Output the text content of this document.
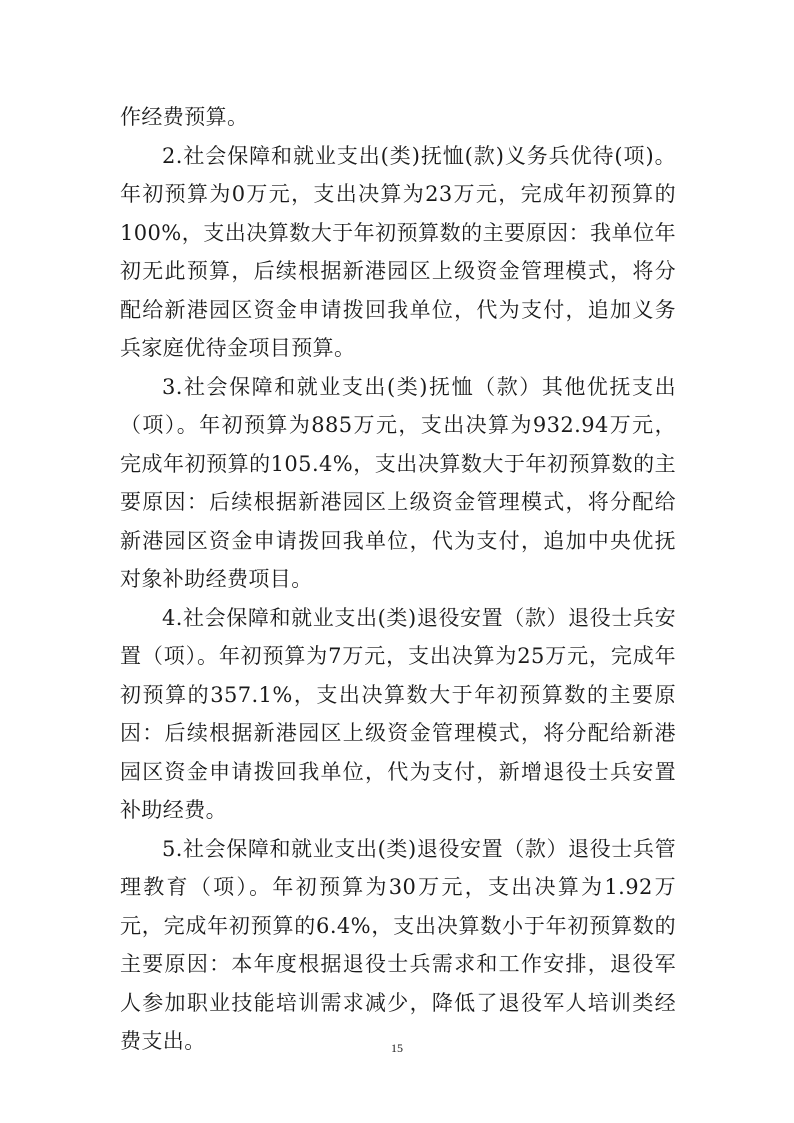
作经费预算。

2.社会保障和就业支出(类)抚恤(款)义务兵优待(项)。年初预算为0万元，支出决算为23万元，完成年初预算的100%，支出决算数大于年初预算数的主要原因：我单位年初无此预算，后续根据新港园区上级资金管理模式，将分配给新港园区资金申请拨回我单位，代为支付，追加义务兵家庭优待金项目预算。

3.社会保障和就业支出(类)抚恤（款）其他优抚支出（项）。年初预算为885万元，支出决算为932.94万元，完成年初预算的105.4%，支出决算数大于年初预算数的主要原因：后续根据新港园区上级资金管理模式，将分配给新港园区资金申请拨回我单位，代为支付，追加中央优抚对象补助经费项目。

4.社会保障和就业支出(类)退役安置（款）退役士兵安置（项）。年初预算为7万元，支出决算为25万元，完成年初预算的357.1%，支出决算数大于年初预算数的主要原因：后续根据新港园区上级资金管理模式，将分配给新港园区资金申请拨回我单位，代为支付，新增退役士兵安置补助经费。

5.社会保障和就业支出(类)退役安置（款）退役士兵管理教育（项）。年初预算为30万元，支出决算为1.92万元，完成年初预算的6.4%，支出决算数小于年初预算数的主要原因：本年度根据退役士兵需求和工作安排，退役军人参加职业技能培训需求减少，降低了退役军人培训类经费支出。	15
